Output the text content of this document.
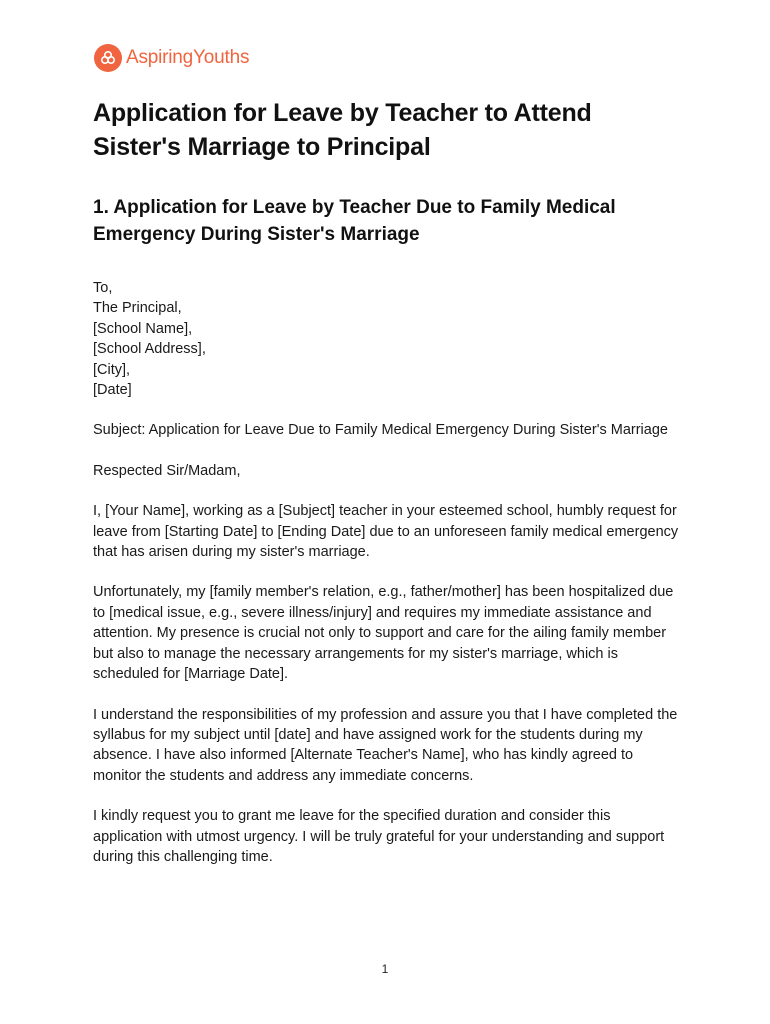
AspiringYouths
Application for Leave by Teacher to Attend Sister's Marriage to Principal
1. Application for Leave by Teacher Due to Family Medical Emergency During Sister's Marriage
To,
The Principal,
[School Name],
[School Address],
[City],
[Date]

Subject: Application for Leave Due to Family Medical Emergency During Sister's Marriage

Respected Sir/Madam,

I, [Your Name], working as a [Subject] teacher in your esteemed school, humbly request for leave from [Starting Date] to [Ending Date] due to an unforeseen family medical emergency that has arisen during my sister's marriage.

Unfortunately, my [family member's relation, e.g., father/mother] has been hospitalized due to [medical issue, e.g., severe illness/injury] and requires my immediate assistance and attention. My presence is crucial not only to support and care for the ailing family member but also to manage the necessary arrangements for my sister's marriage, which is scheduled for [Marriage Date].

I understand the responsibilities of my profession and assure you that I have completed the syllabus for my subject until [date] and have assigned work for the students during my absence. I have also informed [Alternate Teacher's Name], who has kindly agreed to monitor the students and address any immediate concerns.

I kindly request you to grant me leave for the specified duration and consider this application with utmost urgency. I will be truly grateful for your understanding and support during this challenging time.

1
